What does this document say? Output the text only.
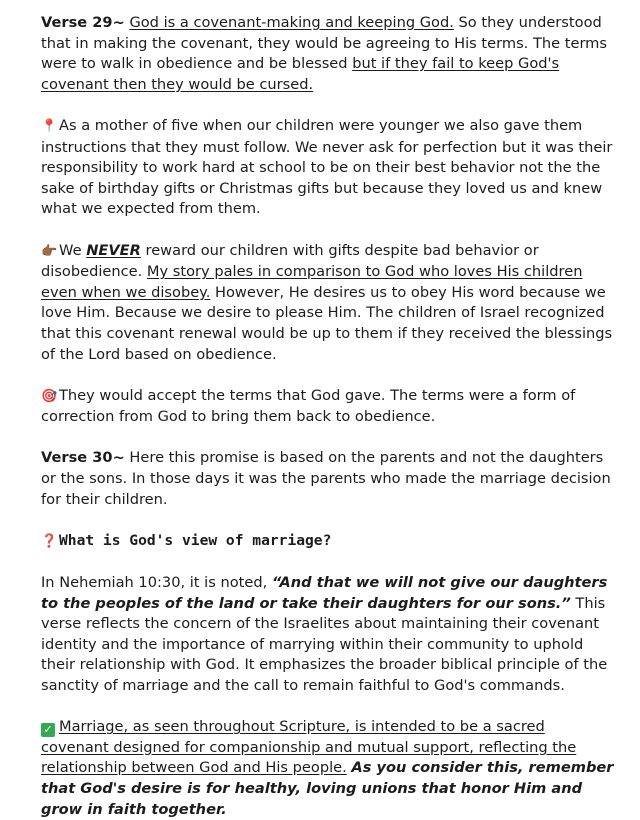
Verse 29~ God is a covenant-making and keeping God. So they understood that in making the covenant, they would be agreeing to His terms. The terms were to walk in obedience and be blessed but if they fail to keep God's covenant then they would be cursed.

📍 As a mother of five when our children were younger we also gave them instructions that they must follow. We never ask for perfection but it was their responsibility to work hard at school to be on their best behavior not the the sake of birthday gifts or Christmas gifts but because they loved us and knew what we expected from them.

👉🏾 We NEVER reward our children with gifts despite bad behavior or disobedience. My story pales in comparison to God who loves His children even when we disobey. However, He desires us to obey His word because we love Him. Because we desire to please Him. The children of Israel recognized that this covenant renewal would be up to them if they received the blessings of the Lord based on obedience.

🎯 They would accept the terms that God gave. The terms were a form of correction from God to bring them back to obedience.

Verse 30~ Here this promise is based on the parents and not the daughters or the sons. In those days it was the parents who made the marriage decision for their children.

❓ What is God's view of marriage?

In Nehemiah 10:30, it is noted, “And that we will not give our daughters to the peoples of the land or take their daughters for our sons.” This verse reflects the concern of the Israelites about maintaining their covenant identity and the importance of marrying within their community to uphold their relationship with God. It emphasizes the broader biblical principle of the sanctity of marriage and the call to remain faithful to God's commands.

✓ Marriage, as seen throughout Scripture, is intended to be a sacred covenant designed for companionship and mutual support, reflecting the relationship between God and His people. As you consider this, remember that God's desire is for healthy, loving unions that honor Him and grow in faith together.
